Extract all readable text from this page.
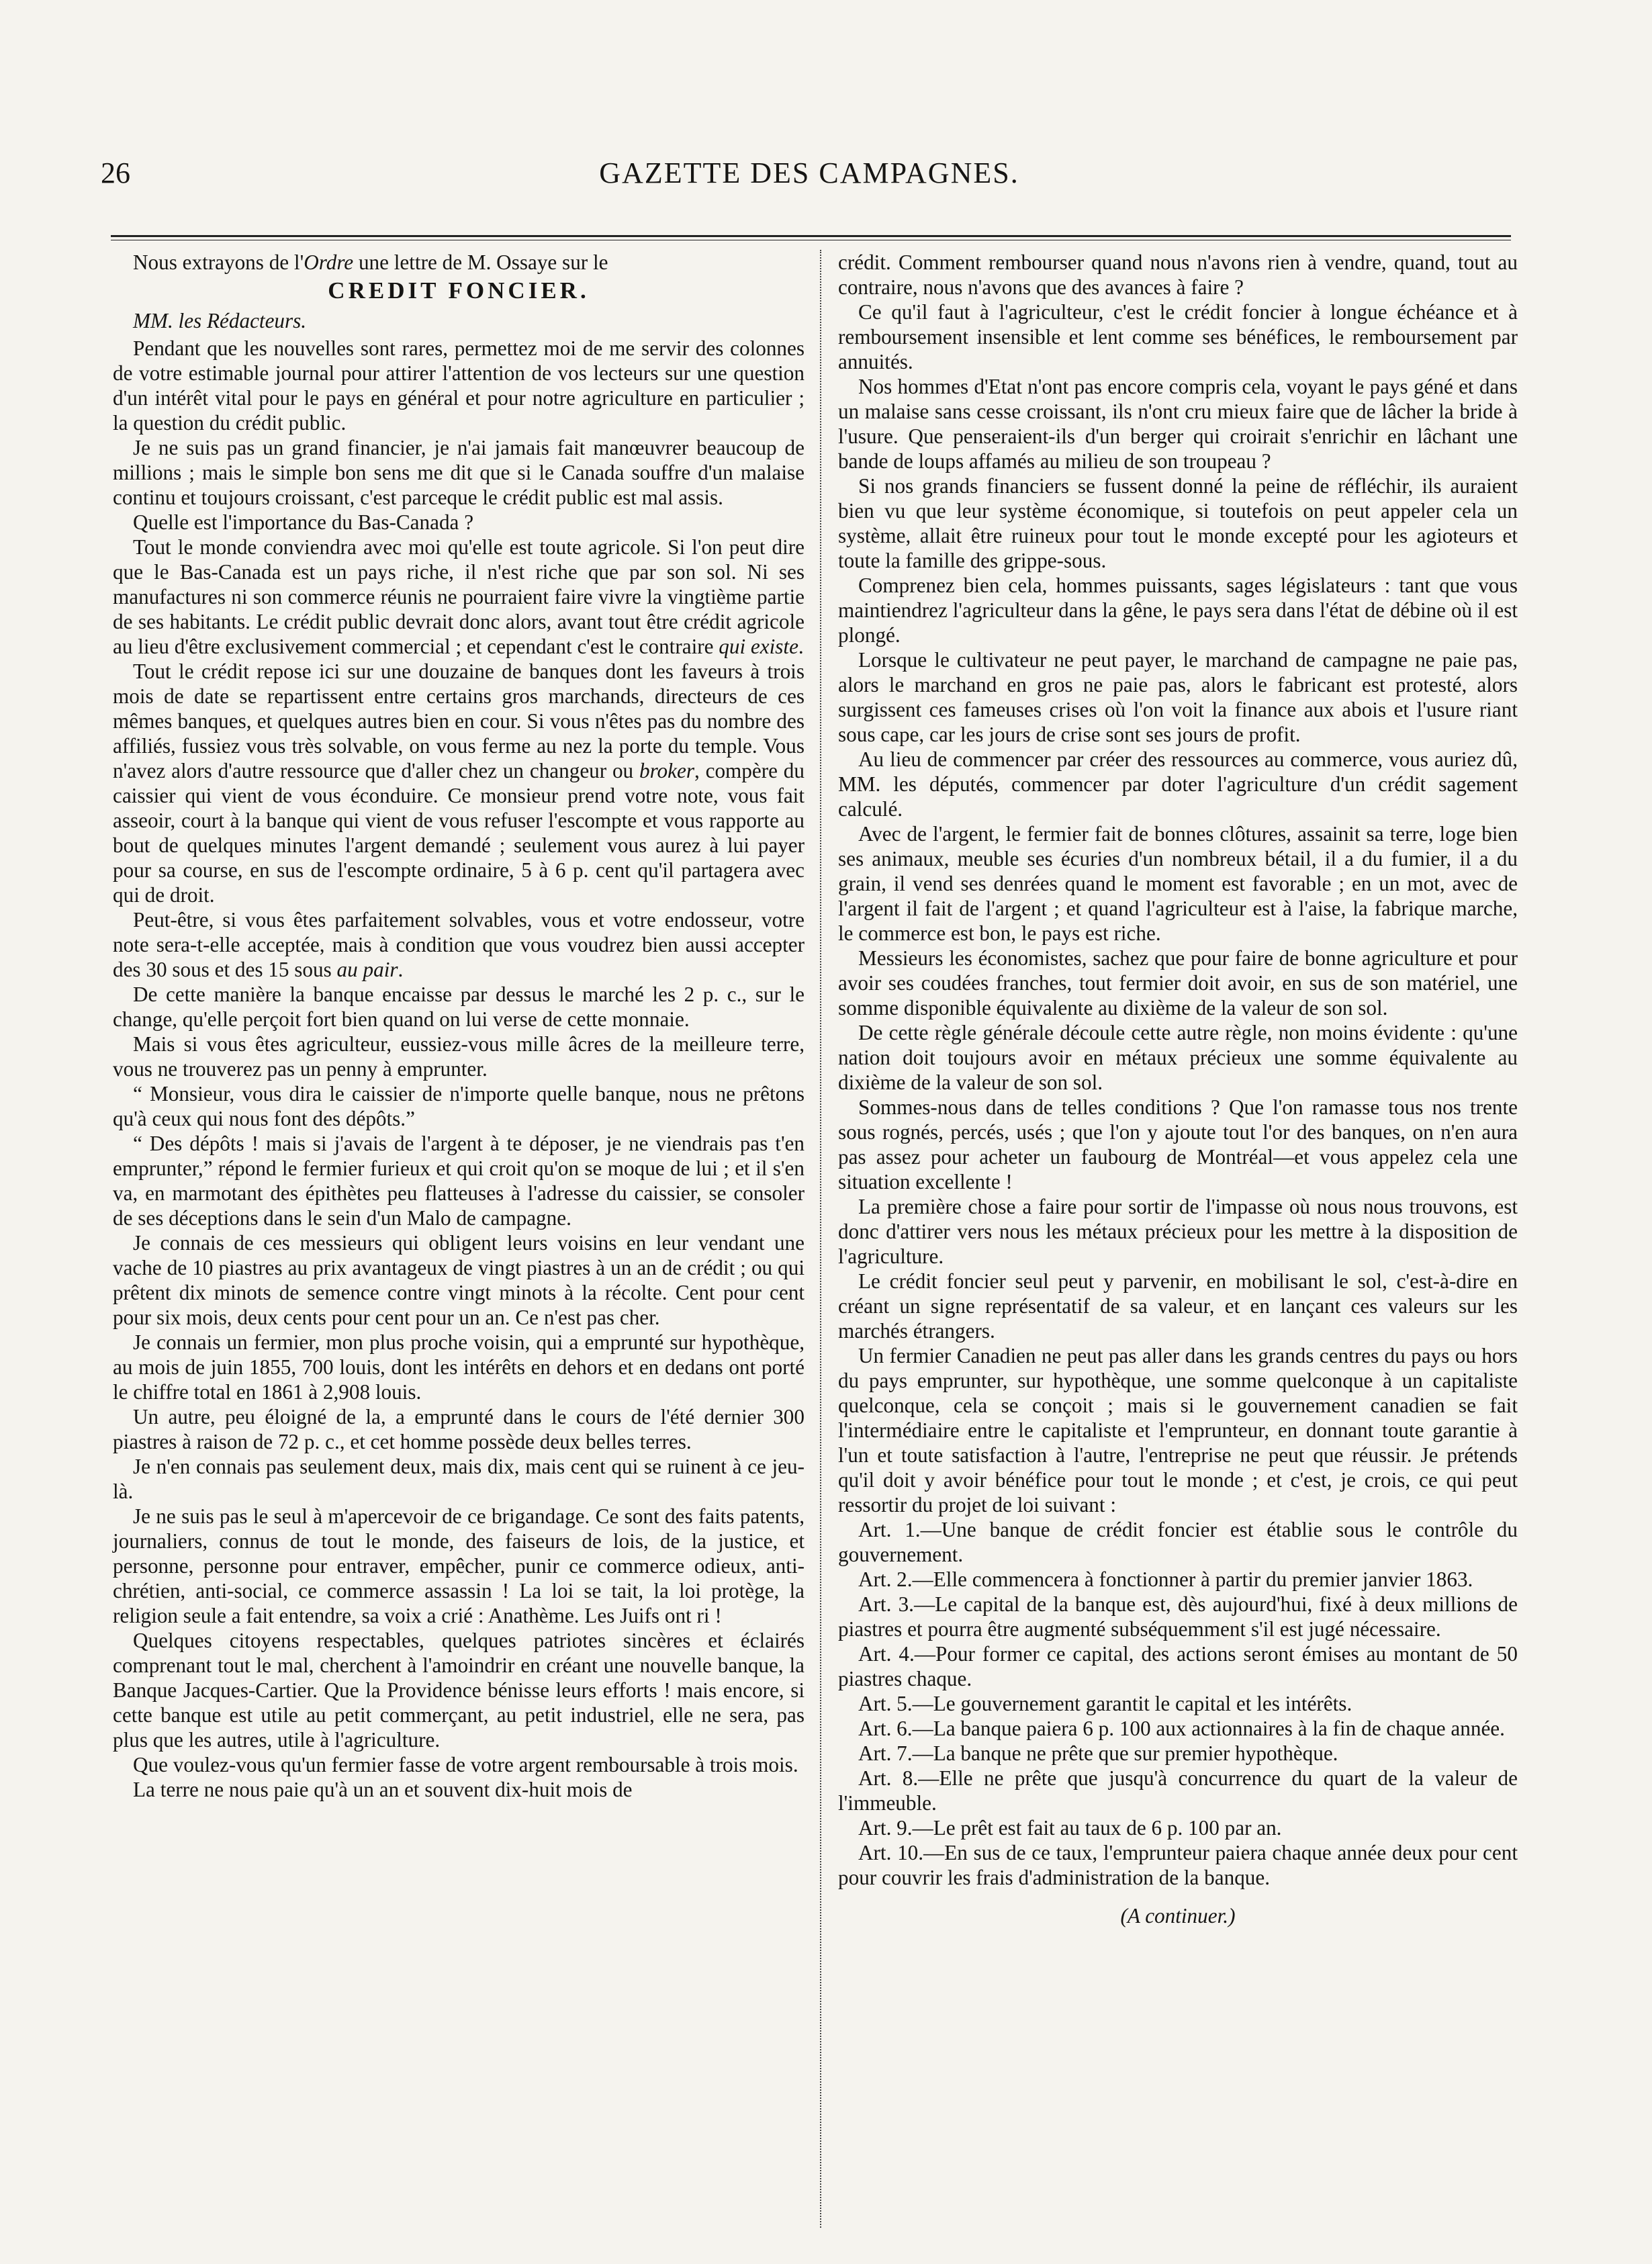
26	GAZETTE DES CAMPAGNES.

Nous extrayons de l'Ordre une lettre de M. Ossaye sur le

CREDIT FONCIER.
MM. les Rédacteurs.

Pendant que les nouvelles sont rares, permettez moi de me servir des colonnes de votre estimable journal pour attirer l'attention de vos lecteurs sur une question d'un intérêt vital pour le pays en général et pour notre agriculture en particulier ; la question du crédit public.

Je ne suis pas un grand financier, je n'ai jamais fait manœuvrer beaucoup de millions ; mais le simple bon sens me dit que si le Canada souffre d'un malaise continu et toujours croissant, c'est parceque le crédit public est mal assis.

Quelle est l'importance du Bas-Canada ?

Tout le monde conviendra avec moi qu'elle est toute agricole. Si l'on peut dire que le Bas-Canada est un pays riche, il n'est riche que par son sol. Ni ses manufactures ni son commerce réunis ne pourraient faire vivre la vingtième partie de ses habitants. Le crédit public devrait donc alors, avant tout être crédit agricole au lieu d'être exclusivement commercial ; et cependant c'est le contraire qui existe.

Tout le crédit repose ici sur une douzaine de banques dont les faveurs à trois mois de date se repartissent entre certains gros marchands, directeurs de ces mêmes banques, et quelques autres bien en cour. Si vous n'êtes pas du nombre des affiliés, fussiez vous très solvable, on vous ferme au nez la porte du temple. Vous n'avez alors d'autre ressource que d'aller chez un changeur ou broker, compère du caissier qui vient de vous éconduire. Ce monsieur prend votre note, vous fait asseoir, court à la banque qui vient de vous refuser l'escompte et vous rapporte au bout de quelques minutes l'argent demandé ; seulement vous aurez à lui payer pour sa course, en sus de l'escompte ordinaire, 5 à 6 p. cent qu'il partagera avec qui de droit.

Peut-être, si vous êtes parfaitement solvables, vous et votre endosseur, votre note sera-t-elle acceptée, mais à condition que vous voudrez bien aussi accepter des 30 sous et des 15 sous au pair.

De cette manière la banque encaisse par dessus le marché les 2 p. c., sur le change, qu'elle perçoit fort bien quand on lui verse de cette monnaie.

Mais si vous êtes agriculteur, eussiez-vous mille âcres de la meilleure terre, vous ne trouverez pas un penny à emprunter.

“ Monsieur, vous dira le caissier de n'importe quelle banque, nous ne prêtons qu'à ceux qui nous font des dépôts.”

“ Des dépôts ! mais si j'avais de l'argent à te déposer, je ne viendrais pas t'en emprunter,” répond le fermier furieux et qui croit qu'on se moque de lui ; et il s'en va, en marmotant des épithètes peu flatteuses à l'adresse du caissier, se consoler de ses déceptions dans le sein d'un Malo de campagne.

Je connais de ces messieurs qui obligent leurs voisins en leur vendant une vache de 10 piastres au prix avantageux de vingt piastres à un an de crédit ; ou qui prêtent dix minots de semence contre vingt minots à la récolte. Cent pour cent pour six mois, deux cents pour cent pour un an. Ce n'est pas cher.

Je connais un fermier, mon plus proche voisin, qui a emprunté sur hypothèque, au mois de juin 1855, 700 louis, dont les intérêts en dehors et en dedans ont porté le chiffre total en 1861 à 2,908 louis.

Un autre, peu éloigné de la, a emprunté dans le cours de l'été dernier 300 piastres à raison de 72 p. c., et cet homme possède deux belles terres.

Je n'en connais pas seulement deux, mais dix, mais cent qui se ruinent à ce jeu-là.

Je ne suis pas le seul à m'apercevoir de ce brigandage. Ce sont des faits patents, journaliers, connus de tout le monde, des faiseurs de lois, de la justice, et personne, personne pour entraver, empêcher, punir ce commerce odieux, anti-chrétien, anti-social, ce commerce assassin ! La loi se tait, la loi protège, la religion seule a fait entendre, sa voix a crié : Anathème. Les Juifs ont ri !

Quelques citoyens respectables, quelques patriotes sincères et éclairés comprenant tout le mal, cherchent à l'amoindrir en créant une nouvelle banque, la Banque Jacques-Cartier. Que la Providence bénisse leurs efforts ! mais encore, si cette banque est utile au petit commerçant, au petit industriel, elle ne sera, pas plus que les autres, utile à l'agriculture.

Que voulez-vous qu'un fermier fasse de votre argent remboursable à trois mois.

La terre ne nous paie qu'à un an et souvent dix-huit mois de

crédit. Comment rembourser quand nous n'avons rien à vendre, quand, tout au contraire, nous n'avons que des avances à faire ?

Ce qu'il faut à l'agriculteur, c'est le crédit foncier à longue échéance et à remboursement insensible et lent comme ses bénéfices, le remboursement par annuités.

Nos hommes d'Etat n'ont pas encore compris cela, voyant le pays géné et dans un malaise sans cesse croissant, ils n'ont cru mieux faire que de lâcher la bride à l'usure. Que penseraient-ils d'un berger qui croirait s'enrichir en lâchant une bande de loups affamés au milieu de son troupeau ?

Si nos grands financiers se fussent donné la peine de réfléchir, ils auraient bien vu que leur système économique, si toutefois on peut appeler cela un système, allait être ruineux pour tout le monde excepté pour les agioteurs et toute la famille des grippe-sous.

Comprenez bien cela, hommes puissants, sages législateurs : tant que vous maintiendrez l'agriculteur dans la gêne, le pays sera dans l'état de débine où il est plongé.

Lorsque le cultivateur ne peut payer, le marchand de campagne ne paie pas, alors le marchand en gros ne paie pas, alors le fabricant est protesté, alors surgissent ces fameuses crises où l'on voit la finance aux abois et l'usure riant sous cape, car les jours de crise sont ses jours de profit.

Au lieu de commencer par créer des ressources au commerce, vous auriez dû, MM. les députés, commencer par doter l'agriculture d'un crédit sagement calculé.

Avec de l'argent, le fermier fait de bonnes clôtures, assainit sa terre, loge bien ses animaux, meuble ses écuries d'un nombreux bétail, il a du fumier, il a du grain, il vend ses denrées quand le moment est favorable ; en un mot, avec de l'argent il fait de l'argent ; et quand l'agriculteur est à l'aise, la fabrique marche, le commerce est bon, le pays est riche.

Messieurs les économistes, sachez que pour faire de bonne agriculture et pour avoir ses coudées franches, tout fermier doit avoir, en sus de son matériel, une somme disponible équivalente au dixième de la valeur de son sol.

De cette règle générale découle cette autre règle, non moins évidente : qu'une nation doit toujours avoir en métaux précieux une somme équivalente au dixième de la valeur de son sol.

Sommes-nous dans de telles conditions ? Que l'on ramasse tous nos trente sous rognés, percés, usés ; que l'on y ajoute tout l'or des banques, on n'en aura pas assez pour acheter un faubourg de Montréal—et vous appelez cela une situation excellente !

La première chose a faire pour sortir de l'impasse où nous nous trouvons, est donc d'attirer vers nous les métaux précieux pour les mettre à la disposition de l'agriculture.

Le crédit foncier seul peut y parvenir, en mobilisant le sol, c'est-à-dire en créant un signe représentatif de sa valeur, et en lançant ces valeurs sur les marchés étrangers.

Un fermier Canadien ne peut pas aller dans les grands centres du pays ou hors du pays emprunter, sur hypothèque, une somme quelconque à un capitaliste quelconque, cela se conçoit ; mais si le gouvernement canadien se fait l'intermédiaire entre le capitaliste et l'emprunteur, en donnant toute garantie à l'un et toute satisfaction à l'autre, l'entreprise ne peut que réussir. Je prétends qu'il doit y avoir bénéfice pour tout le monde ; et c'est, je crois, ce qui peut ressortir du projet de loi suivant :

Art. 1.—Une banque de crédit foncier est établie sous le contrôle du gouvernement.

Art. 2.—Elle commencera à fonctionner à partir du premier janvier 1863.

Art. 3.—Le capital de la banque est, dès aujourd'hui, fixé à deux millions de piastres et pourra être augmenté subséquemment s'il est jugé nécessaire.

Art. 4.—Pour former ce capital, des actions seront émises au montant de 50 piastres chaque.

Art. 5.—Le gouvernement garantit le capital et les intérêts.

Art. 6.—La banque paiera 6 p. 100 aux actionnaires à la fin de chaque année.

Art. 7.—La banque ne prête que sur premier hypothèque.

Art. 8.—Elle ne prête que jusqu'à concurrence du quart de la valeur de l'immeuble.

Art. 9.—Le prêt est fait au taux de 6 p. 100 par an.

Art. 10.—En sus de ce taux, l'emprunteur paiera chaque année deux pour cent pour couvrir les frais d'administration de la banque.

(A continuer.)
